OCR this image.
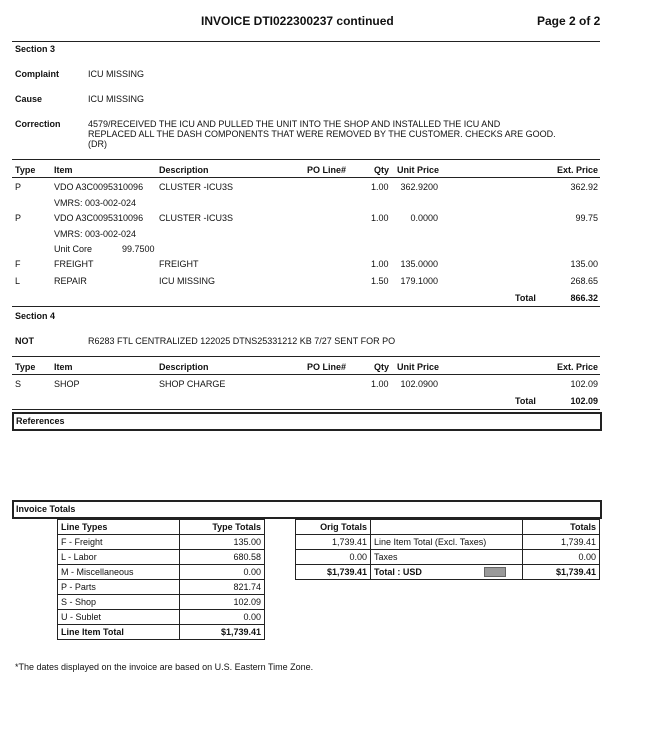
INVOICE DTI022300237 continued	Page 2 of 2
Section 3
Complaint	ICU MISSING
Cause	ICU MISSING
Correction	4579/RECEIVED THE ICU AND PULLED THE UNIT INTO THE SHOP AND INSTALLED THE ICU AND
REPLACED ALL THE DASH COMPONENTS THAT WERE REMOVED BY THE CUSTOMER. CHECKS ARE GOOD.
(DR)
Type Item	Description	PO Line#	Qty Unit Price	Ext. Price
P	VDO A3C0095310096 CLUSTER -ICU3S	1.00 362.9200	362.92
VMRS: 003-002-024
P	VDO A3C0095310096 CLUSTER -ICU3S	1.00 0.0000	99.75
VMRS: 003-002-024
Unit Core	99.7500
F	FREIGHT	FREIGHT	1.00 135.0000	135.00
L	REPAIR	ICU MISSING	1.50 179.1000	268.65
Total	866.32
Section 4
NOT	R6283 FTL CENTRALIZED 122025 DTNS25331212 KB 7/27 SENT FOR PO
Type Item	Description	PO Line#	Qty Unit Price	Ext. Price
S	SHOP	SHOP CHARGE	1.00 102.0900	102.09
Total	102.09
References
Invoice Totals
Line Types	Type Totals
F - Freight	135.00
L - Labor	680.58
M - Miscellaneous	0.00
P - Parts	821.74
S - Shop	102.09
U - Sublet	0.00
Line Item Total	$1,739.41
Orig Totals		Totals
1,739.41	Line Item Total (Excl. Taxes)	1,739.41
0.00	Taxes	0.00
$1,739.41	Total : USD	$1,739.41
*The dates displayed on the invoice are based on U.S. Eastern Time Zone.
